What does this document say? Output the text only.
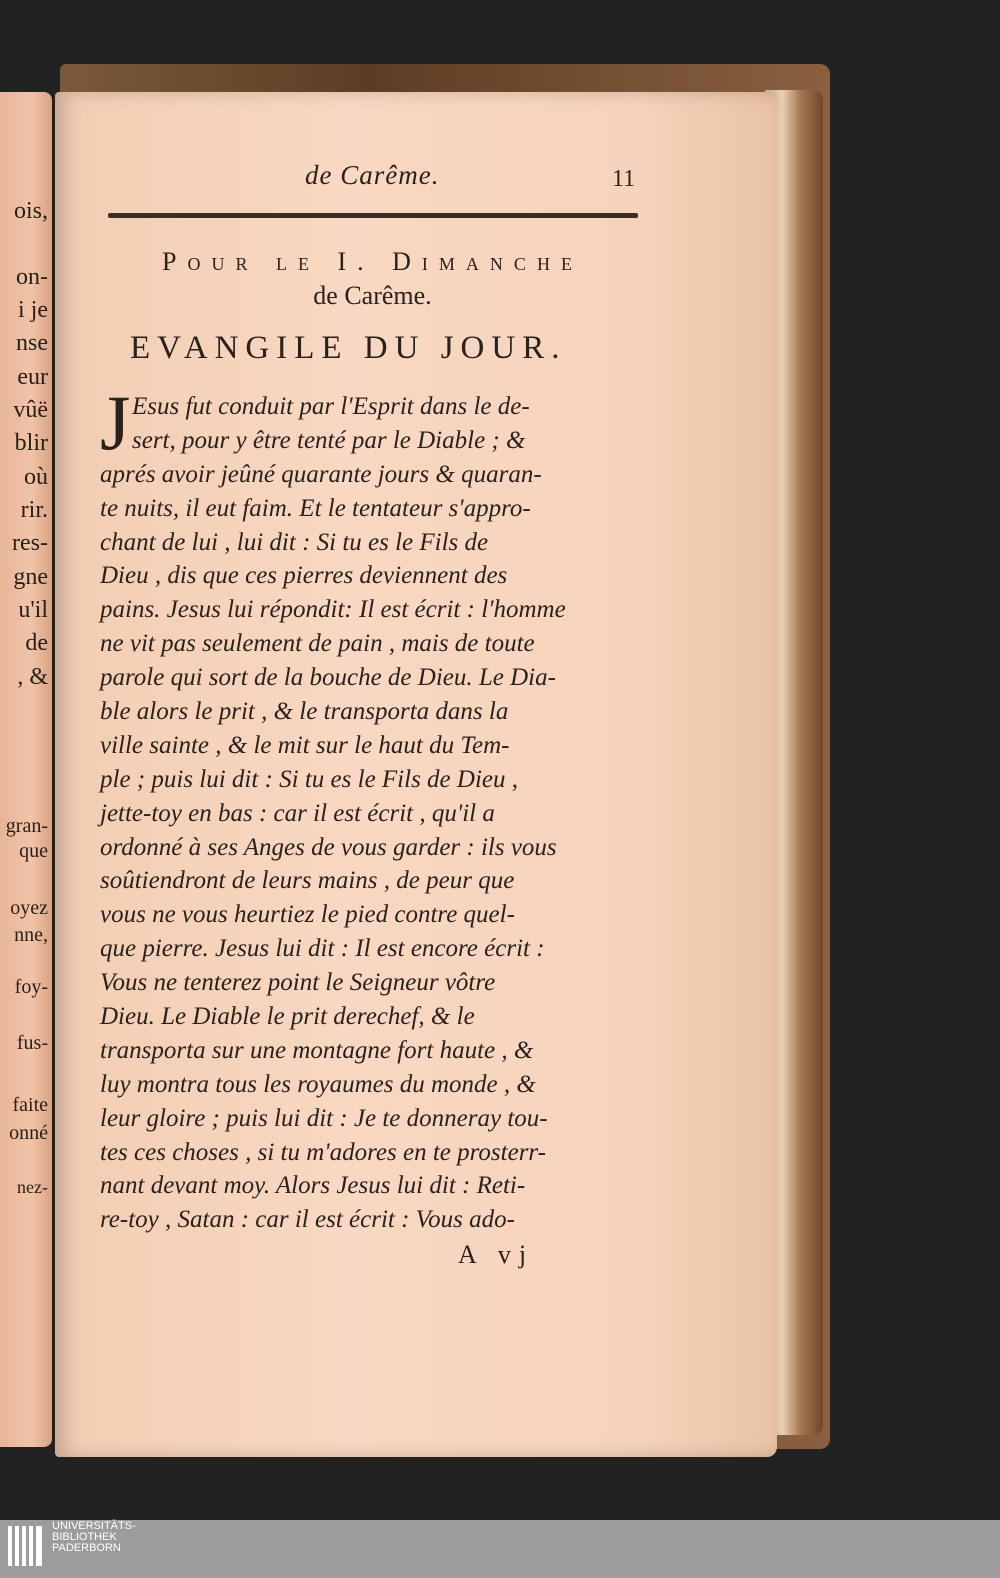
ois,
on-
i je
nse
eur
vûë
blir
où
rir.
res-
gne
u'il
de
, &
gran-
que
oyez
nne,
foy-
fus-
faite
onné
nez-
de Carême.	11
Pour le I. Dimanche
de Carême.
EVANGILE DU JOUR.
J Esus fut conduit par l'Esprit dans le de-
sert, pour y être tenté par le Diable ; &
aprés avoir jeûné quarante jours & quaran-
te nuits, il eut faim. Et le tentateur s'appro-
chant de lui , lui dit : Si tu es le Fils de
Dieu , dis que ces pierres deviennent des
pains. Jesus lui répondit: Il est écrit : l'homme
ne vit pas seulement de pain , mais de toute
parole qui sort de la bouche de Dieu. Le Dia-
ble alors le prit , & le transporta dans la
ville sainte , & le mit sur le haut du Tem-
ple ; puis lui dit : Si tu es le Fils de Dieu ,
jette-toy en bas : car il est écrit , qu'il a
ordonné à ses Anges de vous garder : ils vous
soûtiendront de leurs mains , de peur que
vous ne vous heurtiez le pied contre quel-
que pierre. Jesus lui dit : Il est encore écrit :
Vous ne tenterez point le Seigneur vôtre
Dieu. Le Diable le prit derechef, & le
transporta sur une montagne fort haute , &
luy montra tous les royaumes du monde , &
leur gloire ; puis lui dit : Je te donneray tou-
tes ces choses , si tu m'adores en te prosterr-
nant devant moy. Alors Jesus lui dit : Reti-
re-toy , Satan : car il est écrit : Vous ado-
A vj
UNIVERSITÄTS-
BIBLIOTHEK
PADERBORN
